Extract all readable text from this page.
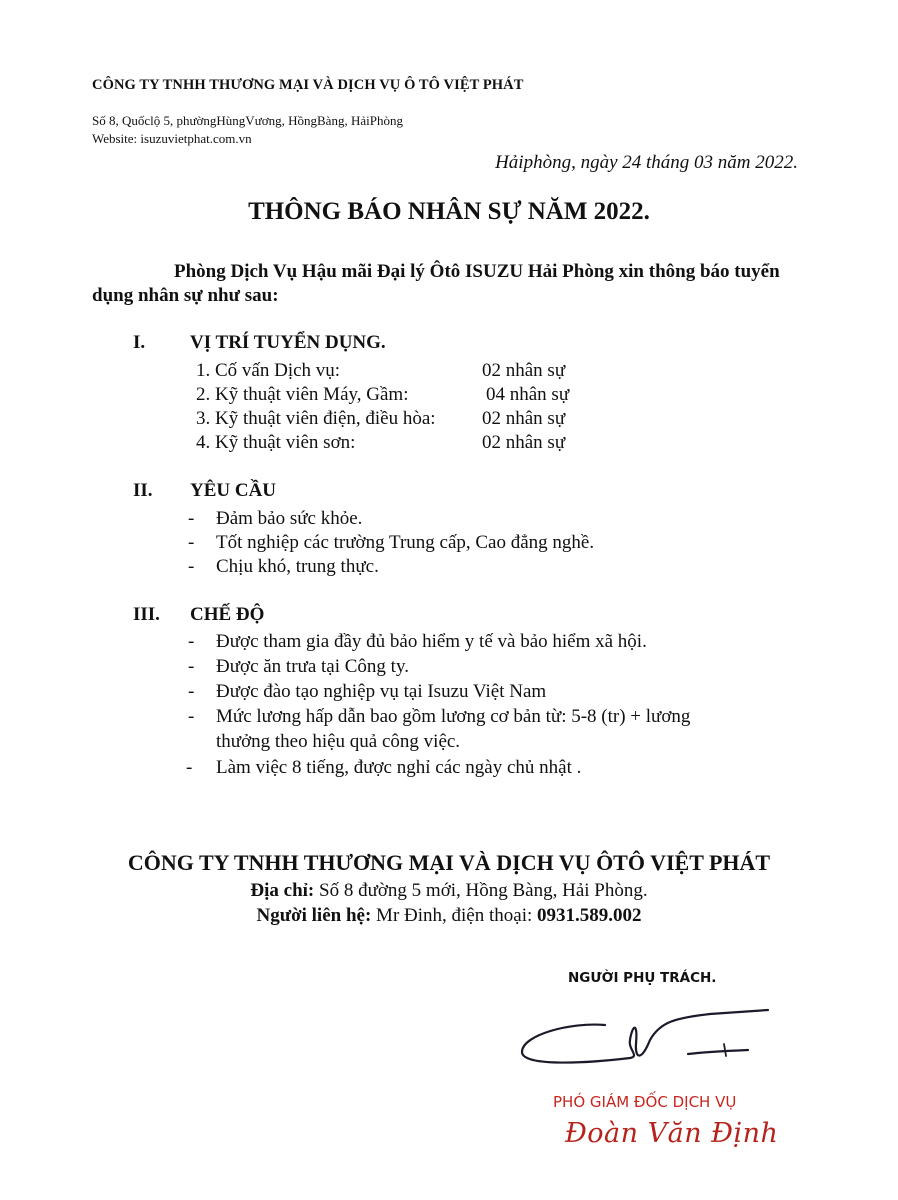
CÔNG TY TNHH THƯƠNG MẠI VÀ DỊCH VỤ Ô TÔ VIỆT PHÁT
Số 8, Quốclộ 5, phườngHùngVương, HồngBàng, HảiPhòng
Website: isuzuvietphat.com.vn
Hảiphòng, ngày 24 tháng 03 năm 2022.
THÔNG BÁO NHÂN SỰ NĂM 2022.
Phòng Dịch Vụ Hậu mãi Đại lý Ôtô ISUZU Hải Phòng xin thông báo tuyển dụng nhân sự như sau:
I. VỊ TRÍ TUYỂN DỤNG.
1. Cố vấn Dịch vụ:	02 nhân sự
2. Kỹ thuật viên Máy, Gầm:	04 nhân sự
3. Kỹ thuật viên điện, điều hòa: 02 nhân sự
4. Kỹ thuật viên sơn:	02 nhân sự
II. YÊU CẦU
- Đảm bảo sức khỏe.
- Tốt nghiệp các trường Trung cấp, Cao đẳng nghề.
- Chịu khó, trung thực.
III. CHẾ ĐỘ
- Được tham gia đầy đủ bảo hiểm y tế và bảo hiểm xã hội.
- Được ăn trưa tại Công ty.
- Được đào tạo nghiệp vụ tại Isuzu Việt Nam
- Mức lương hấp dẫn bao gồm lương cơ bản từ: 5-8 (tr) + lương
thưởng theo hiệu quả công việc.
- Làm việc 8 tiếng, được nghỉ các ngày chủ nhật .
CÔNG TY TNHH THƯƠNG MẠI VÀ DỊCH VỤ ÔTÔ VIỆT PHÁT
Địa chỉ: Số 8 đường 5 mới, Hồng Bàng, Hải Phòng.
Người liên hệ: Mr Đinh, điện thoại: 0931.589.002
NGƯỜI PHỤ TRÁCH.
PHÓ GIÁM ĐỐC DỊCH VỤ
Đoàn Văn Định
